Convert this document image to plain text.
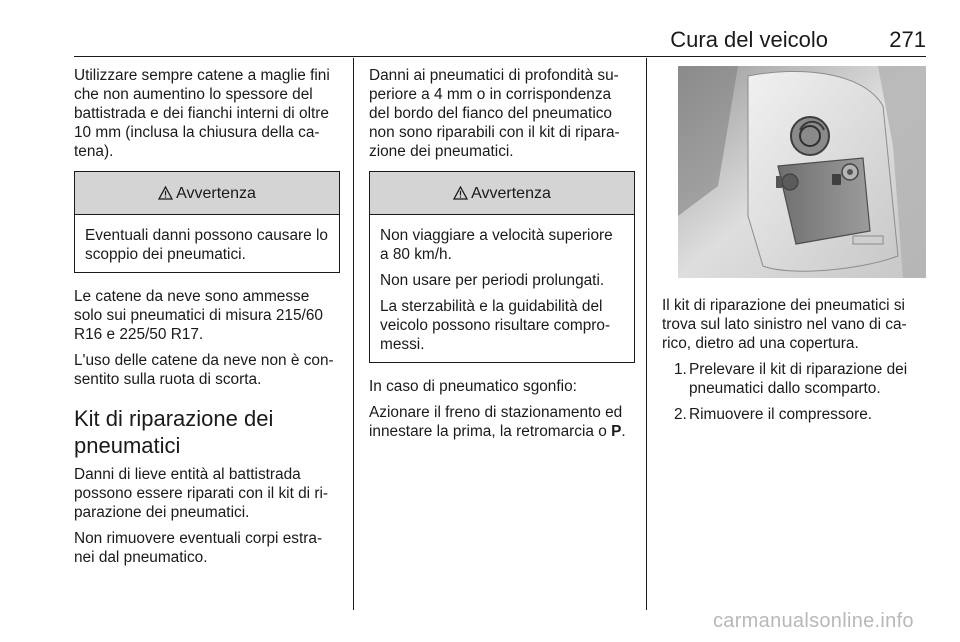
Cura del veicolo	271

Utilizzare sempre catene a maglie fini che non aumentino lo spessore del battistrada e dei fianchi interni di oltre 10 mm (inclusa la chiusura della ca-tena).

Avvertenza

Eventuali danni possono causare lo scoppio dei pneumatici.

Le catene da neve sono ammesse solo sui pneumatici di misura 215/60 R16 e 225/50 R17.

L'uso delle catene da neve non è con-sentito sulla ruota di scorta.

Kit di riparazione dei pneumatici

Danni di lieve entità al battistrada possono essere riparati con il kit di ri-parazione dei pneumatici.

Non rimuovere eventuali corpi estra-nei dal pneumatico.

Danni ai pneumatici di profondità su-periore a 4 mm o in corrispondenza del bordo del fianco del pneumatico non sono riparabili con il kit di ripara-zione dei pneumatici.

Avvertenza

Non viaggiare a velocità superiore a 80 km/h.

Non usare per periodi prolungati.

La sterzabilità e la guidabilità del veicolo possono risultare compro-messi.

In caso di pneumatico sgonfio:

Azionare il freno di stazionamento ed innestare la prima, la retromarcia o P.

Il kit di riparazione dei pneumatici si trova sul lato sinistro nel vano di ca-rico, dietro ad una copertura.

1. Prelevare il kit di riparazione dei pneumatici dallo scomparto.
2. Rimuovere il compressore.
carmanualsonline.info
